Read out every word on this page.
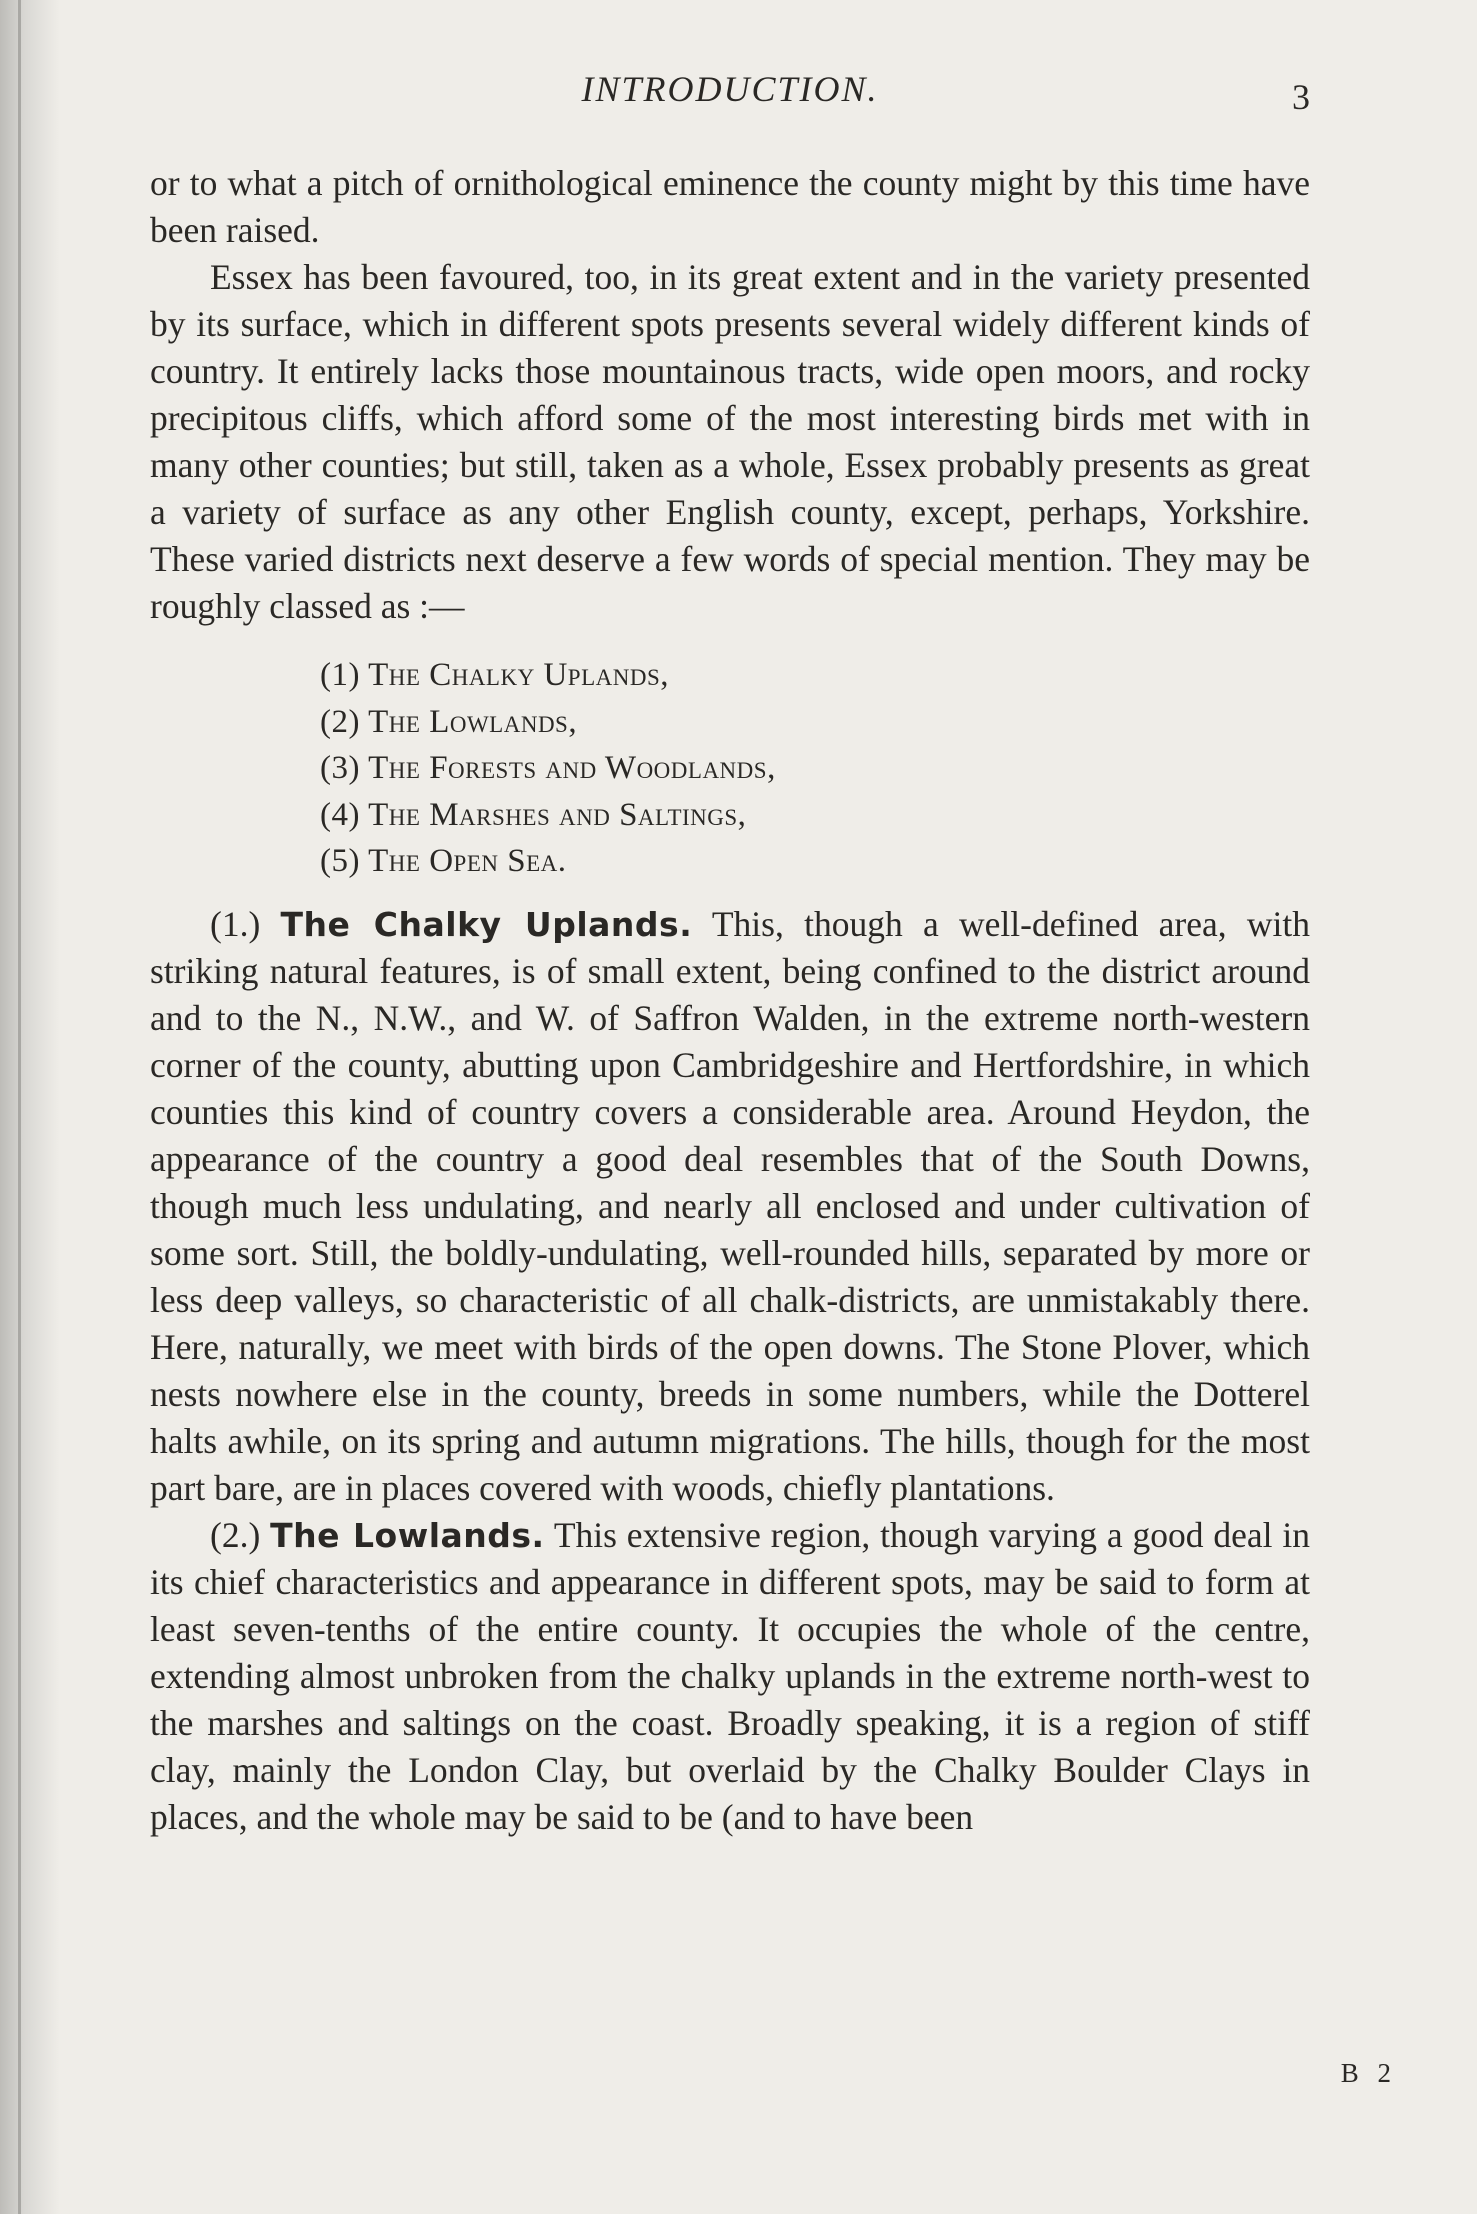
INTRODUCTION.	3

or to what a pitch of ornithological eminence the county might by this time have been raised.

Essex has been favoured, too, in its great extent and in the variety presented by its surface, which in different spots presents several widely different kinds of country. It entirely lacks those mountainous tracts, wide open moors, and rocky precipitous cliffs, which afford some of the most interesting birds met with in many other counties; but still, taken as a whole, Essex probably presents as great a variety of surface as any other English county, except, perhaps, Yorkshire. These varied districts next deserve a few words of special mention. They may be roughly classed as :—

(1) The Chalky Uplands,
(2) The Lowlands,
(3) The Forests and Woodlands,
(4) The Marshes and Saltings,
(5) The Open Sea.

(1.) The Chalky Uplands. This, though a well-defined area, with striking natural features, is of small extent, being confined to the district around and to the N., N.W., and W. of Saffron Walden, in the extreme north-western corner of the county, abutting upon Cambridgeshire and Hertfordshire, in which counties this kind of country covers a considerable area. Around Heydon, the appearance of the country a good deal resembles that of the South Downs, though much less undulating, and nearly all enclosed and under cultivation of some sort. Still, the boldly-undulating, well-rounded hills, separated by more or less deep valleys, so characteristic of all chalk-districts, are unmistakably there. Here, naturally, we meet with birds of the open downs. The Stone Plover, which nests nowhere else in the county, breeds in some numbers, while the Dotterel halts awhile, on its spring and autumn migrations. The hills, though for the most part bare, are in places covered with woods, chiefly plantations.

(2.) The Lowlands. This extensive region, though varying a good deal in its chief characteristics and appearance in different spots, may be said to form at least seven-tenths of the entire county. It occupies the whole of the centre, extending almost unbroken from the chalky uplands in the extreme north-west to the marshes and saltings on the coast. Broadly speaking, it is a region of stiff clay, mainly the London Clay, but overlaid by the Chalky Boulder Clays in places, and the whole may be said to be (and to have been

B 2
